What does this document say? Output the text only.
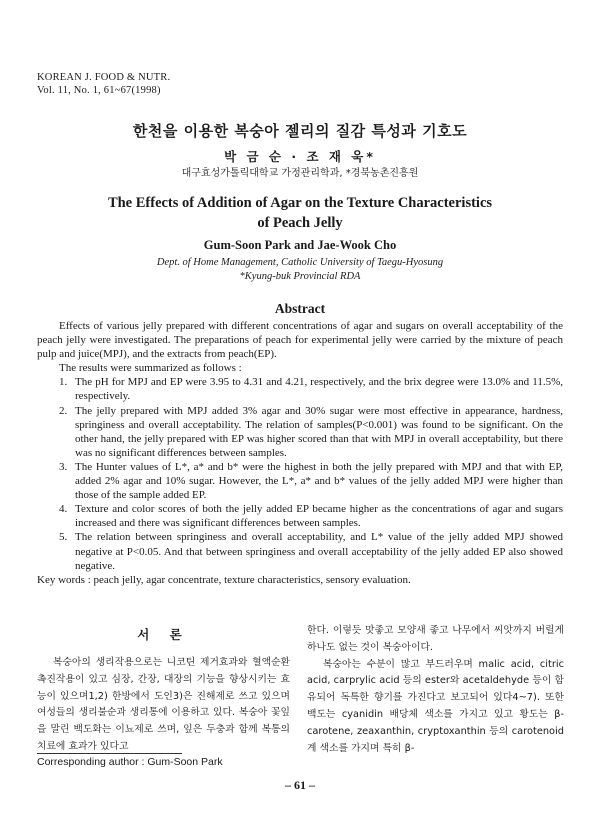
KOREAN J. FOOD & NUTR.
Vol. 11, No. 1, 61~67(1998)
한천을 이용한 복숭아 젤리의 질감 특성과 기호도
박 금 순 · 조 재 욱*
대구효성가톨릭대학교 가정관리학과, *경북농촌진흥원
The Effects of Addition of Agar on the Texture Characteristics
of Peach Jelly
Gum-Soon Park and Jae-Wook Cho
Dept. of Home Management, Catholic University of Taegu-Hyosung
*Kyung-buk Provincial RDA
Abstract

Effects of various jelly prepared with different concentrations of agar and sugars on overall acceptability of the peach jelly were investigated. The preparations of peach for experimental jelly were carried by the mixture of peach pulp and juice(MPJ), and the extracts from peach(EP).

The results were summarized as follows :

1. The pH for MPJ and EP were 3.95 to 4.31 and 4.21, respectively, and the brix degree were 13.0% and 11.5%, respectively.
2. The jelly prepared with MPJ added 3% agar and 30% sugar were most effective in appearance, hardness, springiness and overall acceptability. The relation of samples(P<0.001) was found to be significant. On the other hand, the jelly prepared with EP was higher scored than that with MPJ in overall acceptability, but there was no significant differences between samples.
3. The Hunter values of L*, a* and b* were the highest in both the jelly prepared with MPJ and that with EP, added 2% agar and 10% sugar. However, the L*, a* and b* values of the jelly added MPJ were higher than those of the sample added EP.
4. Texture and color scores of both the jelly added EP became higher as the concentrations of agar and sugars increased and there was significant differences between samples.
5. The relation between springiness and overall acceptability, and L* value of the jelly added MPJ showed negative at P<0.05. And that between springiness and overall acceptability of the jelly added EP also showed negative.

Key words : peach jelly, agar concentrate, texture characteristics, sensory evaluation.

서 론

복숭아의 생리작용으로는 니코틴 제거효과와 혈액순환 촉진작용이 있고 심장, 간장, 대장의 기능을 향상시키는 효능이 있으며1,2) 한방에서 도인3)은 진해제로 쓰고 있으며 여성들의 생리불순과 생리통에 이용하고 있다. 복숭아 꽃잎을 말린 백도화는 이뇨제로 쓰며, 잎은 두충과 함께 복통의 치료에 효과가 있다고

한다. 이렇듯 맛좋고 모양새 좋고 나무에서 씨앗까지 버릴게 하나도 없는 것이 복숭아이다.

복숭아는 수분이 많고 부드러우며 malic acid, citric acid, carprylic acid 등의 ester와 acetaldehyde 등이 함유되어 독특한 향기를 가진다고 보고되어 있다4~7). 또한 백도는 cyanidin 배당체 색소를 가지고 있고 황도는 β-carotene, zeaxanthin, cryptoxanthin 등의 carotenoid계 색소를 가지며 특히 β-

Corresponding author : Gum-Soon Park
– 61 –
